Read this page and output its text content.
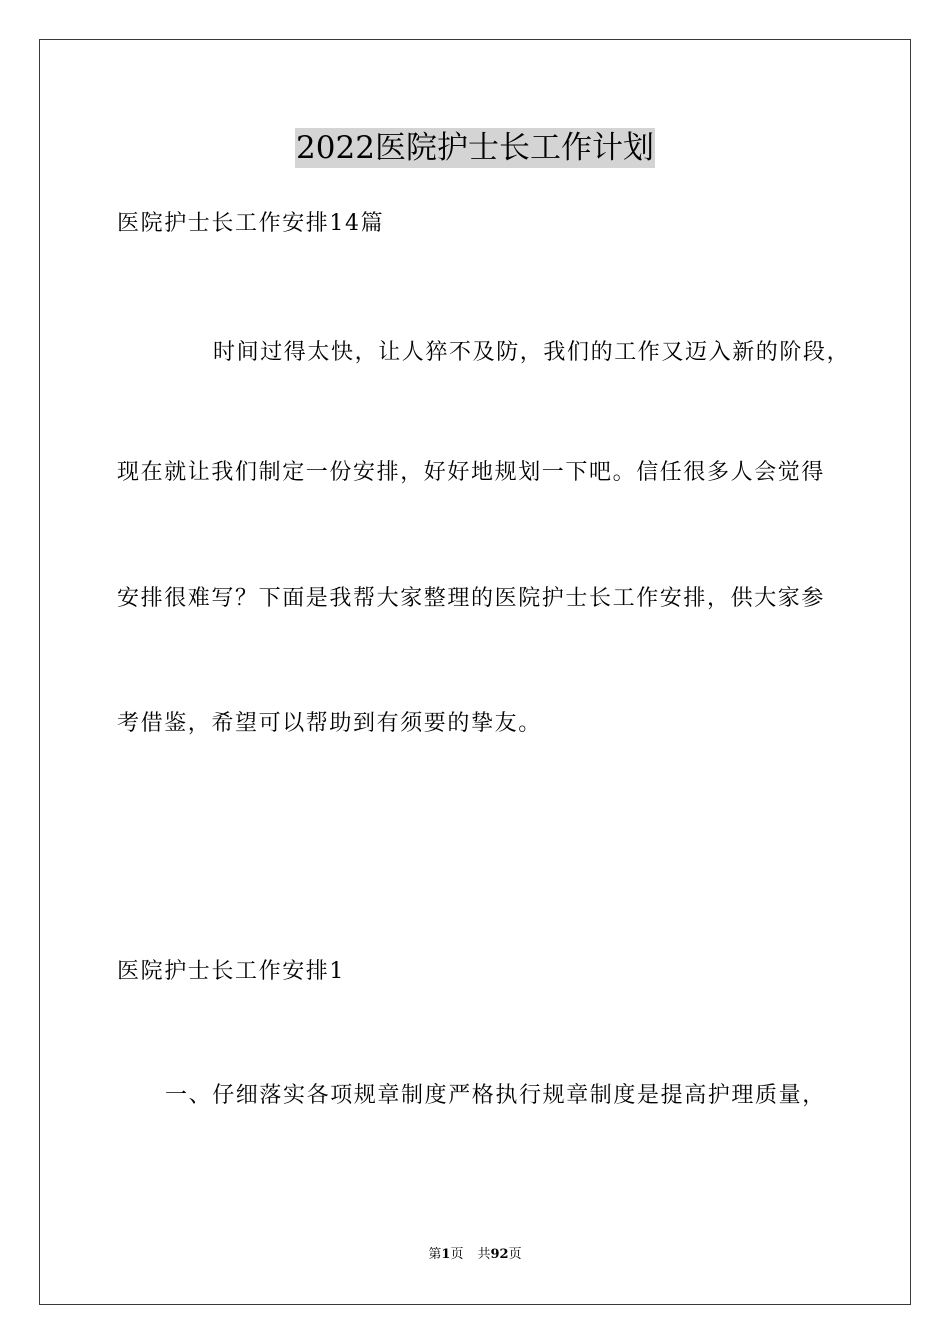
2022医院护士长工作计划
医院护士长工作安排14篇
时间过得太快，让人猝不及防，我们的工作又迈入新的阶段，
现在就让我们制定一份安排，好好地规划一下吧。信任很多人会觉得
安排很难写？下面是我帮大家整理的医院护士长工作安排，供大家参
考借鉴，希望可以帮助到有须要的挚友。
医院护士长工作安排1
一、仔细落实各项规章制度严格执行规章制度是提高护理质量，
第1页 共92页
